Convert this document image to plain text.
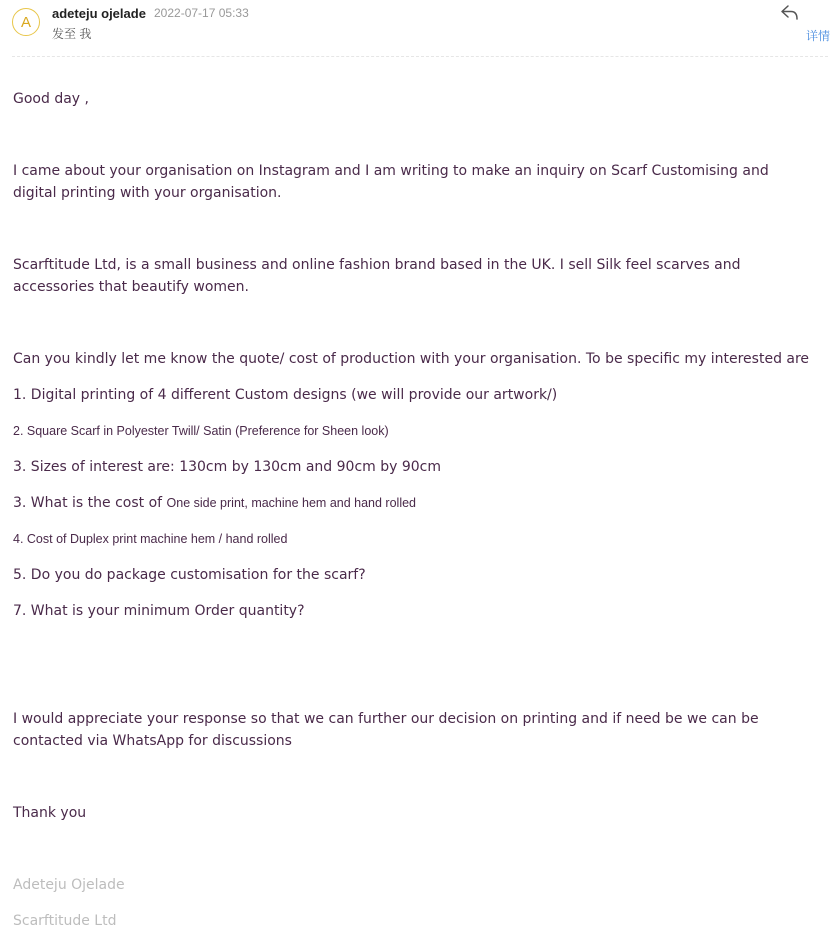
A	adeteju ojelade 2022-07-17 05:33
发至 我	详情
Good day ,
I came about your organisation on Instagram and I am writing to make an inquiry on Scarf Customising and
digital printing with your organisation.
Scarftitude Ltd, is a small business and online fashion brand based in the UK. I sell Silk feel scarves and
accessories that beautify women.
Can you kindly let me know the quote/ cost of production with your organisation. To be specific my interested are
1. Digital printing of 4 different Custom designs (we will provide our artwork/)
2. Square Scarf in Polyester Twill/ Satin (Preference for Sheen look)
3. Sizes of interest are: 130cm by 130cm and 90cm by 90cm
3. What is the cost of One side print, machine hem and hand rolled
4. Cost of Duplex print machine hem / hand rolled
5. Do you do package customisation for the scarf?
7. What is your minimum Order quantity?
I would appreciate your response so that we can further our decision on printing and if need be we can be
contacted via WhatsApp for discussions
Thank you
Adeteju Ojelade
Scarftitude Ltd
